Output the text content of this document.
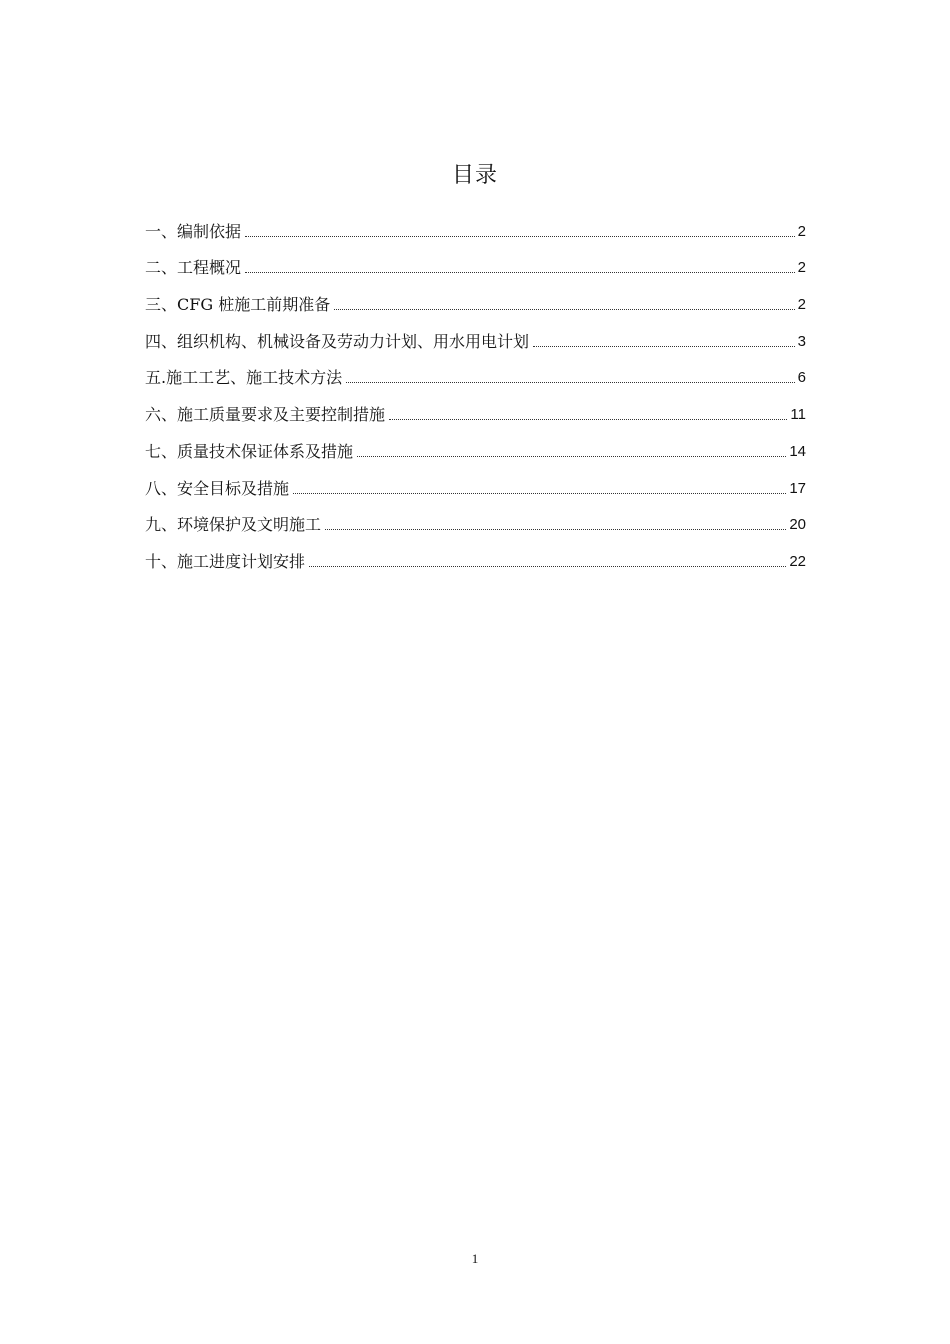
目录
一、编制依据	2
二、工程概况	2
三、CFG 桩施工前期准备	2
四、组织机构、机械设备及劳动力计划、用水用电计划	3
五.施工工艺、施工技术方法	6
六、施工质量要求及主要控制措施	11
七、质量技术保证体系及措施	14
八、安全目标及措施	17
九、环境保护及文明施工	20
十、施工进度计划安排	22
1
